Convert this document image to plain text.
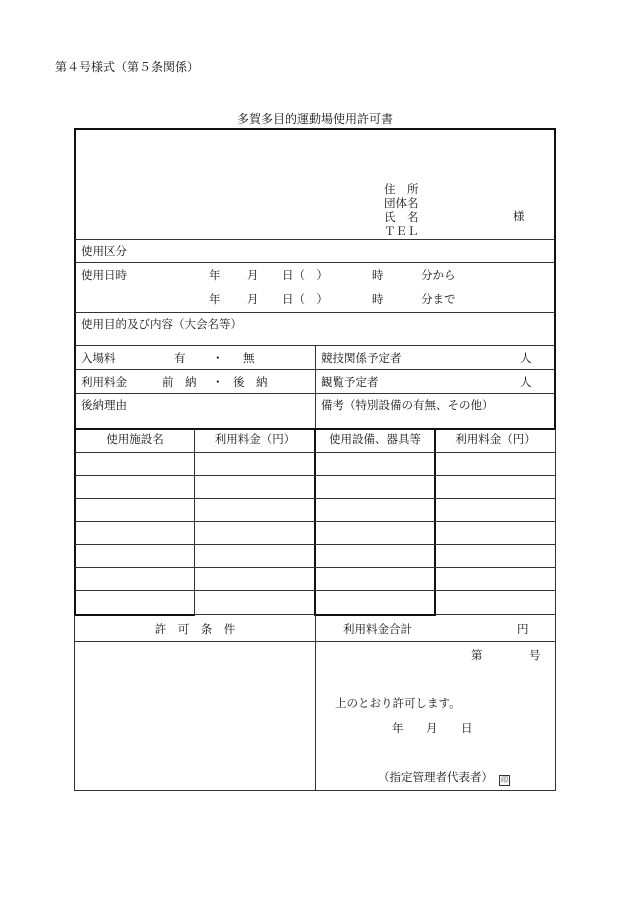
第４号様式（第５条関係）
多賀多目的運動場使用許可書
住　所
団体名
氏　名
ＴＥＬ
様
使用区分
使用日時	年 月 日（　）	時	分から
年 月 日（　）	時	分まで
使用目的及び内容（大会名等）
入場料	有 ・ 無	競技関係予定者	人
利用料金	前　納 ・ 後　納	観覧予定者	人
後納理由	備考（特別設備の有無、その他）
使用施設名	利用料金（円）	使用設備、器具等	利用料金（円）
許　可　条　件	利用料金合計	円
第	号
上のとおり許可します。
年 月 日
（指定管理者代表者） 印
